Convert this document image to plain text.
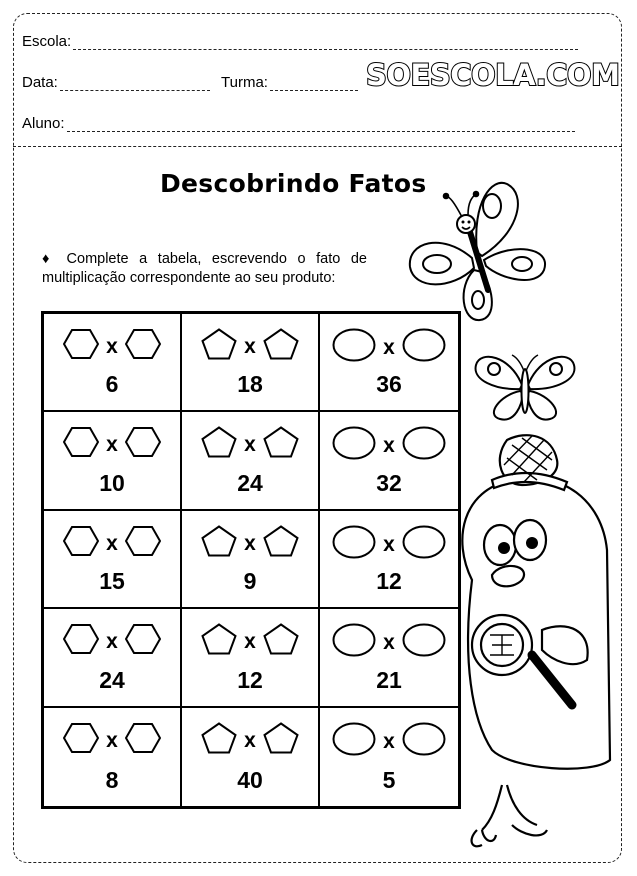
Escola:
Data:	Turma:	SOESCOLA.COM
Aluno:
Descobrindo Fatos
♦ Complete a tabela, escrevendo o fato de
multiplicação correspondente ao seu produto:
x
6
x
18
x
36
x
10
x
24
x
32
x
15
x
9
x
12
x
24
x
12
x
21
x
8
x
40
x
5
